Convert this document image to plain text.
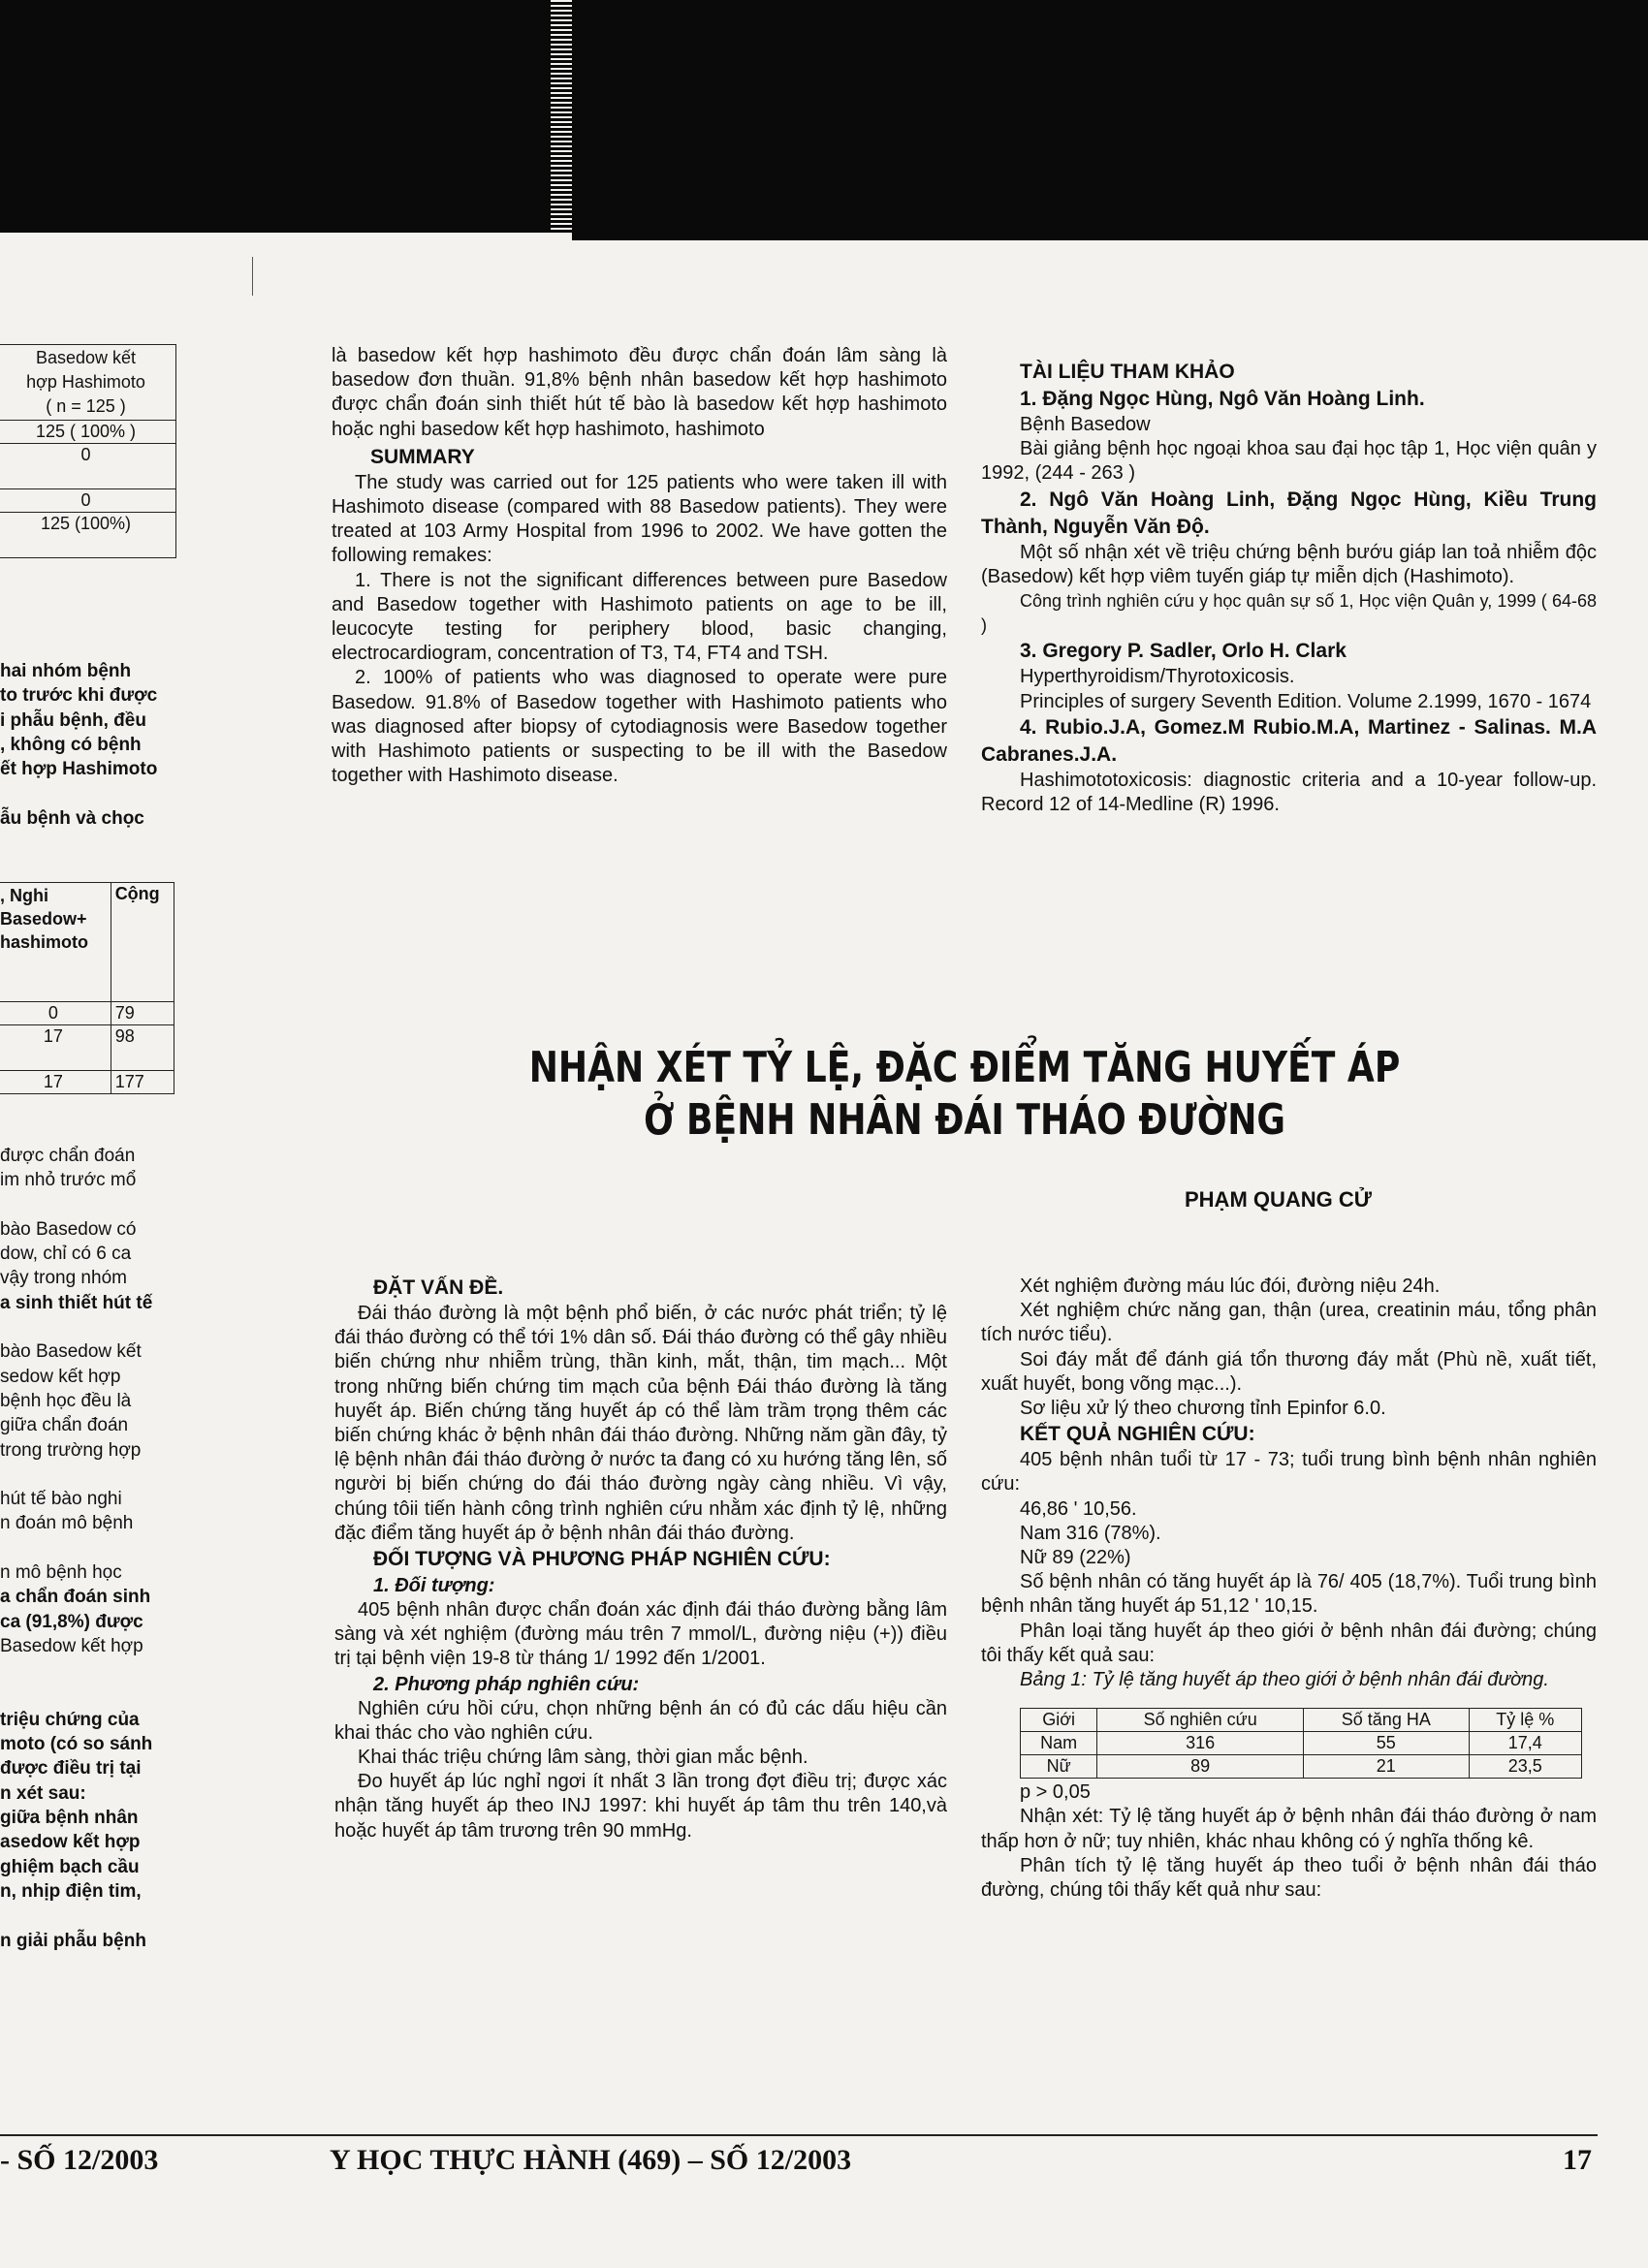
Basedow kết
hợp Hashimoto
( n = 125 )

125 ( 100% )
0
0
125 (100%)

hai nhóm bệnh

to trước khi được

i phẫu bệnh, đều

, không có bệnh

ết hợp Hashimoto

ẫu bệnh và chọc

, Nghi
Basedow+
hashimoto	Cộng
0	79
17	98
17	177

được chẩn đoán

im nhỏ trước mổ

bào Basedow có

dow, chỉ có 6 ca

vậy trong nhóm

a sinh thiết hút tế

bào Basedow kết

sedow kết hợp

bệnh học đều là

giữa chẩn đoán

trong trường hợp

hút tế bào nghi

n đoán mô bệnh

n mô bệnh học

a chẩn đoán sinh

ca (91,8%) được

Basedow kết hợp

triệu chứng của

moto (có so sánh

được điều trị tại

n xét sau:

giữa bệnh nhân

asedow kết hợp

ghiệm bạch cầu

n, nhịp điện tim,

n giải phẫu bệnh

là basedow kết hợp hashimoto đều được chẩn đoán lâm sàng là basedow đơn thuần. 91,8% bệnh nhân basedow kết hợp hashimoto được chẩn đoán sinh thiết hút tế bào là basedow kết hợp hashimoto hoặc nghi basedow kết hợp hashimoto, hashimoto

SUMMARY

The study was carried out for 125 patients who were taken ill with Hashimoto disease (compared with 88 Basedow patients). They were treated at 103 Army Hospital from 1996 to 2002. We have gotten the following remakes:

1. There is not the significant differences between pure Basedow and Basedow together with Hashimoto patients on age to be ill, leucocyte testing for periphery blood, basic changing, electrocardiogram, concentration of T3, T4, FT4 and TSH.

2. 100% of patients who was diagnosed to operate were pure Basedow. 91.8% of Basedow together with Hashimoto patients who was diagnosed after biopsy of cytodiagnosis were Basedow together with Hashimoto patients or suspecting to be ill with the Basedow together with Hashimoto disease.

TÀI LIỆU THAM KHẢO

1. Đặng Ngọc Hùng, Ngô Văn Hoàng Linh.

Bệnh Basedow

Bài giảng bệnh học ngoại khoa sau đại học tập 1, Học viện quân y 1992, (244 - 263 )

2. Ngô Văn Hoàng Linh, Đặng Ngọc Hùng, Kiều Trung Thành, Nguyễn Văn Độ.

Một số nhận xét về triệu chứng bệnh bướu giáp lan toả nhiễm độc (Basedow) kết hợp viêm tuyến giáp tự miễn dịch (Hashimoto).

Công trình nghiên cứu y học quân sự số 1, Học viện Quân y, 1999 ( 64-68 )

3. Gregory P. Sadler, Orlo H. Clark

Hyperthyroidism/Thyrotoxicosis.

Principles of surgery Seventh Edition. Volume 2.1999, 1670 - 1674

4. Rubio.J.A, Gomez.M Rubio.M.A, Martinez - Salinas. M.A Cabranes.J.A.

Hashimototoxicosis: diagnostic criteria and a 10-year follow-up. Record 12 of 14-Medline (R) 1996.

NHẬN XÉT TỶ LỆ, ĐẶC ĐIỂM TĂNG HUYẾT ÁP
Ở BỆNH NHÂN ĐÁI THÁO ĐƯỜNG
PHẠM QUANG CỬ

ĐẶT VẤN ĐỀ.

Đái tháo đường là một bệnh phổ biến, ở các nước phát triển; tỷ lệ đái tháo đường có thể tới 1% dân số. Đái tháo đường có thể gây nhiều biến chứng như nhiễm trùng, thần kinh, mắt, thận, tim mạch... Một trong những biến chứng tim mạch của bệnh Đái tháo đường là tăng huyết áp. Biến chứng tăng huyết áp có thể làm trầm trọng thêm các biến chứng khác ở bệnh nhân đái tháo đường. Những năm gần đây, tỷ lệ bệnh nhân đái tháo đường ở nước ta đang có xu hướng tăng lên, số người bị biến chứng do đái tháo đường ngày càng nhiều. Vì vậy, chúng tôii tiến hành công trình nghiên cứu nhằm xác định tỷ lệ, những đặc điểm tăng huyết áp ở bệnh nhân đái tháo đường.

ĐỐI TƯỢNG VÀ PHƯƠNG PHÁP NGHIÊN CỨU:

1. Đối tượng:

405 bệnh nhân được chẩn đoán xác định đái tháo đường bằng lâm sàng và xét nghiệm (đường máu trên 7 mmol/L, đường niệu (+)) điều trị tại bệnh viện 19-8 từ tháng 1/ 1992 đến 1/2001.

2. Phương pháp nghiên cứu:

Nghiên cứu hồi cứu, chọn những bệnh án có đủ các dấu hiệu cần khai thác cho vào nghiên cứu.

Khai thác triệu chứng lâm sàng, thời gian mắc bệnh.

Đo huyết áp lúc nghỉ ngơi ít nhất 3 lần trong đợt điều trị; được xác nhận tăng huyết áp theo INJ 1997: khi huyết áp tâm thu trên 140,và hoặc huyết áp tâm trương trên 90 mmHg.

Xét nghiệm đường máu lúc đói, đường niệu 24h.

Xét nghiệm chức năng gan, thận (urea, creatinin máu, tổng phân tích nước tiểu).

Soi đáy mắt để đánh giá tổn thương đáy mắt (Phù nề, xuất tiết, xuất huyết, bong võng mạc...).

Sơ liệu xử lý theo chương tỉnh Epinfor 6.0.

KẾT QUẢ NGHIÊN CỨU:

405 bệnh nhân tuổi từ 17 - 73; tuổi trung bình bệnh nhân nghiên cứu:

46,86 ' 10,56.

Nam 316 (78%).

Nữ 89 (22%)

Số bệnh nhân có tăng huyết áp là 76/ 405 (18,7%). Tuổi trung bình bệnh nhân tăng huyết áp 51,12 ' 10,15.

Phân loại tăng huyết áp theo giới ở bệnh nhân đái đường; chúng tôi thấy kết quả sau:

Bảng 1: Tỷ lệ tăng huyết áp theo giới ở bệnh nhân đái đường.

Giới	Số nghiên cứu	Số tăng HA	Tỷ lệ %
Nam	316	55	17,4
Nữ	89	21	23,5

p > 0,05

Nhận xét: Tỷ lệ tăng huyết áp ở bệnh nhân đái tháo đường ở nam thấp hơn ở nữ; tuy nhiên, khác nhau không có ý nghĩa thống kê.

Phân tích tỷ lệ tăng huyết áp theo tuổi ở bệnh nhân đái tháo đường, chúng tôi thấy kết quả như sau:

- SỐ 12/2003	Y HỌC THỰC HÀNH (469) – SỐ 12/2003	17
